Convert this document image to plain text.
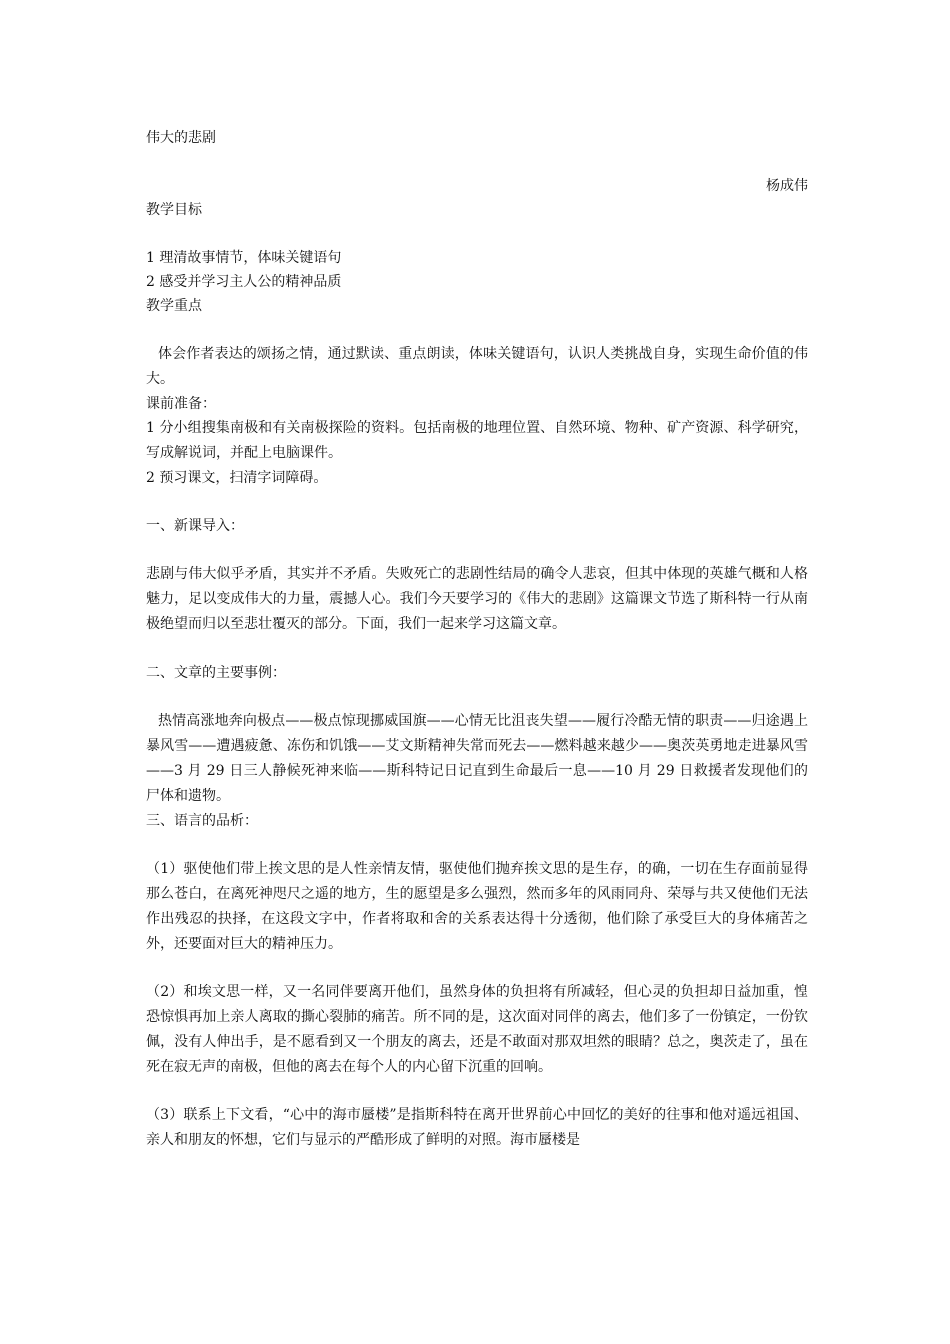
伟大的悲剧

杨成伟

教学目标

1 理清故事情节，体味关键语句

2 感受并学习主人公的精神品质

教学重点

体会作者表达的颂扬之情，通过默读、重点朗读，体味关键语句，认识人类挑战自身，实现生命价值的伟大。

课前准备：

1 分小组搜集南极和有关南极探险的资料。包括南极的地理位置、自然环境、物种、矿产资源、科学研究，写成解说词，并配上电脑课件。

2 预习课文，扫清字词障碍。

一、新课导入：

悲剧与伟大似乎矛盾，其实并不矛盾。失败死亡的悲剧性结局的确令人悲哀，但其中体现的英雄气概和人格魅力，足以变成伟大的力量，震撼人心。我们今天要学习的《伟大的悲剧》这篇课文节选了斯科特一行从南极绝望而归以至悲壮覆灭的部分。下面，我们一起来学习这篇文章。

二、文章的主要事例：

热情高涨地奔向极点——极点惊现挪威国旗——心情无比沮丧失望——履行冷酷无情的职责——归途遇上暴风雪——遭遇疲惫、冻伤和饥饿——艾文斯精神失常而死去——燃料越来越少——奥茨英勇地走进暴风雪——3 月 29 日三人静候死神来临——斯科特记日记直到生命最后一息——10 月 29 日救援者发现他们的尸体和遗物。

三、语言的品析：

（1）驱使他们带上挨文思的是人性亲情友情，驱使他们抛弃挨文思的是生存，的确，一切在生存面前显得那么苍白，在离死神咫尺之遥的地方，生的愿望是多么强烈，然而多年的风雨同舟、荣辱与共又使他们无法作出残忍的抉择，在这段文字中，作者将取和舍的关系表达得十分透彻，他们除了承受巨大的身体痛苦之外，还要面对巨大的精神压力。

（2）和埃文思一样，又一名同伴要离开他们，虽然身体的负担将有所减轻，但心灵的负担却日益加重，惶恐惊惧再加上亲人离取的撕心裂肺的痛苦。所不同的是，这次面对同伴的离去，他们多了一份镇定，一份钦佩，没有人伸出手，是不愿看到又一个朋友的离去，还是不敢面对那双坦然的眼睛？总之，奥茨走了，虽在死在寂无声的南极，但他的离去在每个人的内心留下沉重的回响。

（3）联系上下文看，“心中的海市蜃楼”是指斯科特在离开世界前心中回忆的美好的往事和他对遥远祖国、亲人和朋友的怀想，它们与显示的严酷形成了鲜明的对照。海市蜃楼是
